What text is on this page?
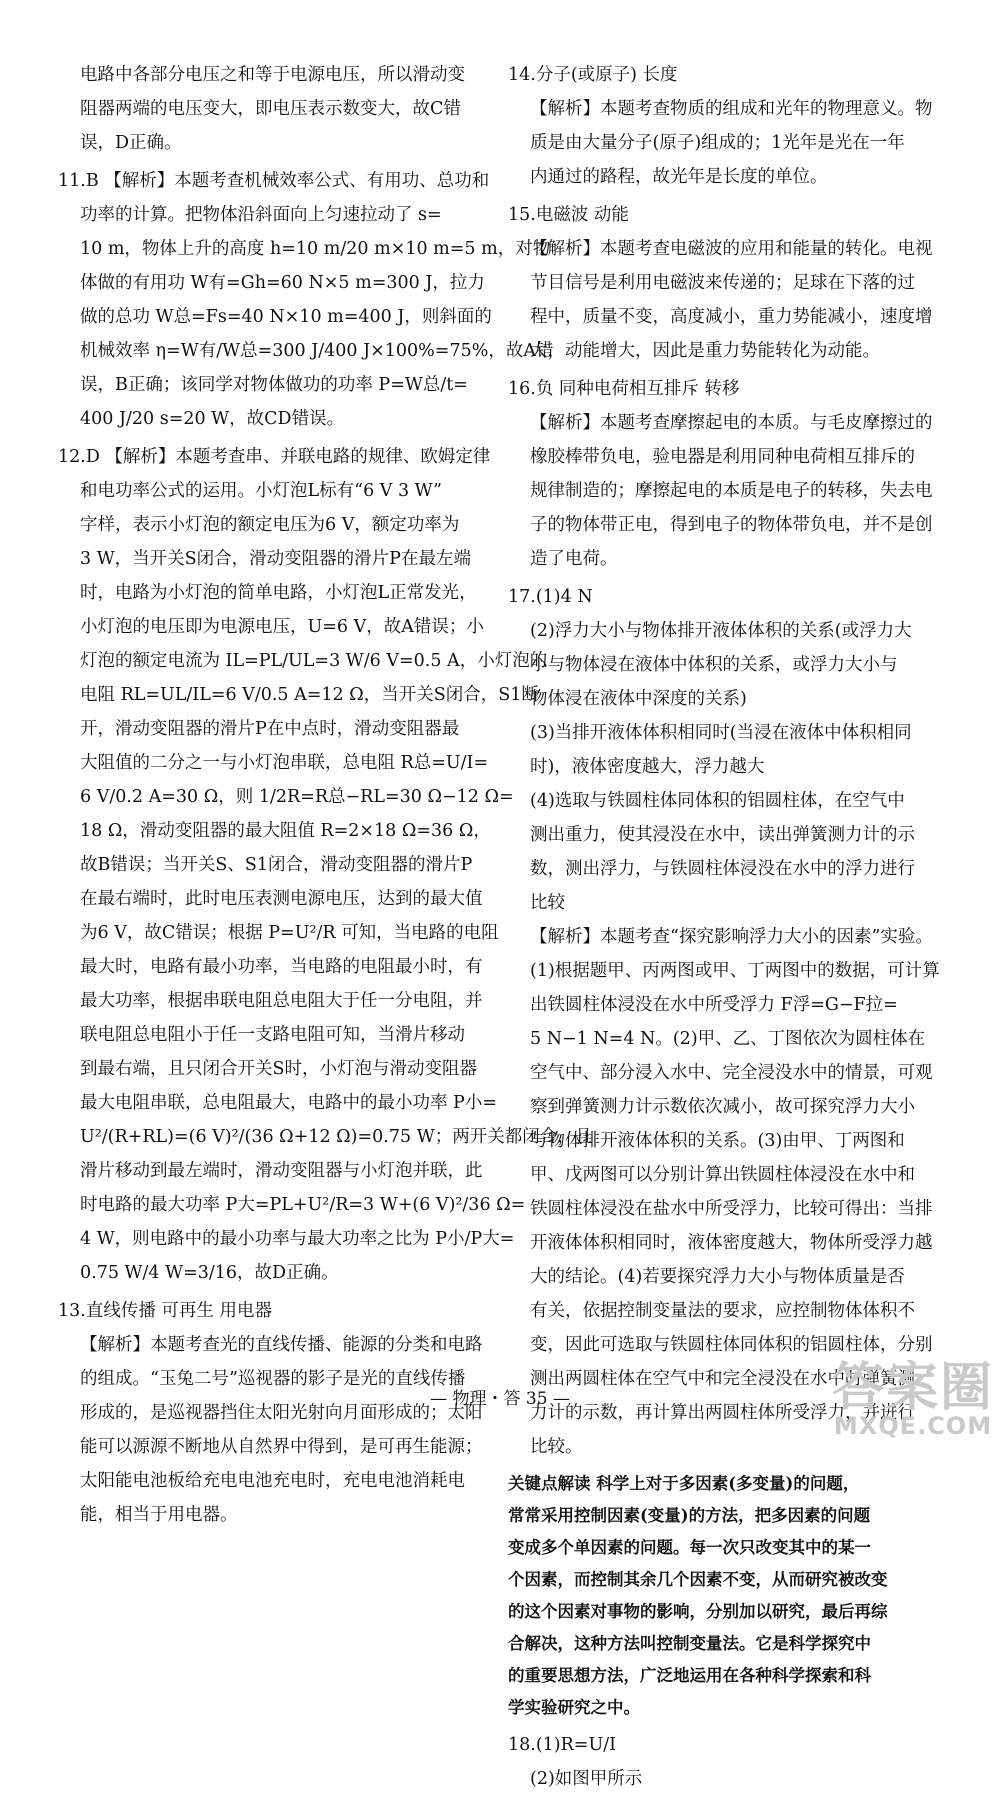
电路中各部分电压之和等于电源电压，所以滑动变
阻器两端的电压变大，即电压表示数变大，故C错
误，D正确。
11.B 【解析】本题考查机械效率公式、有用功、总功和
功率的计算。把物体沿斜面向上匀速拉动了 s=
10 m，物体上升的高度 h=10 m/20 m×10 m=5 m，对物
体做的有用功 W有=Gh=60 N×5 m=300 J，拉力
做的总功 W总=Fs=40 N×10 m=400 J，则斜面的
机械效率 η=W有/W总=300 J/400 J×100%=75%，故A错
误，B正确；该同学对物体做功的功率 P=W总/t=
400 J/20 s=20 W，故CD错误。
12.D 【解析】本题考查串、并联电路的规律、欧姆定律
和电功率公式的运用。小灯泡L标有“6 V 3 W”
字样，表示小灯泡的额定电压为6 V，额定功率为
3 W，当开关S闭合，滑动变阻器的滑片P在最左端
时，电路为小灯泡的简单电路，小灯泡L正常发光，
小灯泡的电压即为电源电压，U=6 V，故A错误；小
灯泡的额定电流为 IL=PL/UL=3 W/6 V=0.5 A，小灯泡的
电阻 RL=UL/IL=6 V/0.5 A=12 Ω，当开关S闭合，S1断
开，滑动变阻器的滑片P在中点时，滑动变阻器最
大阻值的二分之一与小灯泡串联，总电阻 R总=U/I=
6 V/0.2 A=30 Ω，则 1/2R=R总−RL=30 Ω−12 Ω=
18 Ω，滑动变阻器的最大阻值 R=2×18 Ω=36 Ω，
故B错误；当开关S、S1闭合，滑动变阻器的滑片P
在最右端时，此时电压表测电源电压，达到的最大值
为6 V，故C错误；根据 P=U²/R 可知，当电路的电阻
最大时，电路有最小功率，当电路的电阻最小时，有
最大功率，根据串联电阻总电阻大于任一分电阻，并
联电阻总电阻小于任一支路电阻可知，当滑片移动
到最右端，且只闭合开关S时，小灯泡与滑动变阻器
最大电阻串联，总电阻最大，电路中的最小功率 P小=
U²/(R+RL)=(6 V)²/(36 Ω+12 Ω)=0.75 W；两开关都闭合，且
滑片移动到最左端时，滑动变阻器与小灯泡并联，此
时电路的最大功率 P大=PL+U²/R=3 W+(6 V)²/36 Ω=
4 W，则电路中的最小功率与最大功率之比为 P小/P大=
0.75 W/4 W=3/16，故D正确。
13.直线传播 可再生 用电器
【解析】本题考查光的直线传播、能源的分类和电路
的组成。“玉兔二号”巡视器的影子是光的直线传播
形成的，是巡视器挡住太阳光射向月面形成的；太阳
能可以源源不断地从自然界中得到，是可再生能源；
太阳能电池板给充电电池充电时，充电电池消耗电
能，相当于用电器。
14.分子(或原子) 长度
【解析】本题考查物质的组成和光年的物理意义。物
质是由大量分子(原子)组成的；1光年是光在一年
内通过的路程，故光年是长度的单位。
15.电磁波 动能
【解析】本题考查电磁波的应用和能量的转化。电视
节目信号是利用电磁波来传递的；足球在下落的过
程中，质量不变，高度减小，重力势能减小，速度增
大，动能增大，因此是重力势能转化为动能。
16.负 同种电荷相互排斥 转移
【解析】本题考查摩擦起电的本质。与毛皮摩擦过的
橡胶棒带负电，验电器是利用同种电荷相互排斥的
规律制造的；摩擦起电的本质是电子的转移，失去电
子的物体带正电，得到电子的物体带负电，并不是创
造了电荷。
17.(1)4 N
(2)浮力大小与物体排开液体体积的关系(或浮力大
小与物体浸在液体中体积的关系，或浮力大小与
物体浸在液体中深度的关系)
(3)当排开液体体积相同时(当浸在液体中体积相同
时)，液体密度越大，浮力越大
(4)选取与铁圆柱体同体积的铝圆柱体，在空气中
测出重力，使其浸没在水中，读出弹簧测力计的示
数，测出浮力，与铁圆柱体浸没在水中的浮力进行
比较
【解析】本题考查“探究影响浮力大小的因素”实验。
(1)根据题甲、丙两图或甲、丁两图中的数据，可计算
出铁圆柱体浸没在水中所受浮力 F浮=G−F拉=
5 N−1 N=4 N。(2)甲、乙、丁图依次为圆柱体在
空气中、部分浸入水中、完全浸没水中的情景，可观
察到弹簧测力计示数依次减小，故可探究浮力大小
与物体排开液体体积的关系。(3)由甲、丁两图和
甲、戊两图可以分别计算出铁圆柱体浸没在水中和
铁圆柱体浸没在盐水中所受浮力，比较可得出：当排
开液体体积相同时，液体密度越大，物体所受浮力越
大的结论。(4)若要探究浮力大小与物体质量是否
有关，依据控制变量法的要求，应控制物体体积不
变，因此可选取与铁圆柱体同体积的铝圆柱体，分别
测出两圆柱体在空气中和完全浸没在水中时弹簧测
力计的示数，再计算出两圆柱体所受浮力，并进行
比较。
关键点解读 科学上对于多因素(多变量)的问题，
常常采用控制因素(变量)的方法，把多因素的问题
变成多个单因素的问题。每一次只改变其中的某一
个因素，而控制其余几个因素不变，从而研究被改变
的这个因素对事物的影响，分别加以研究，最后再综
合解决，这种方法叫控制变量法。它是科学探究中
的重要思想方法，广泛地运用在各种科学探索和科
学实验研究之中。
18.(1)R=U/I
(2)如图甲所示
— 物理・答 35 —	答案圈
MXQE.COM
